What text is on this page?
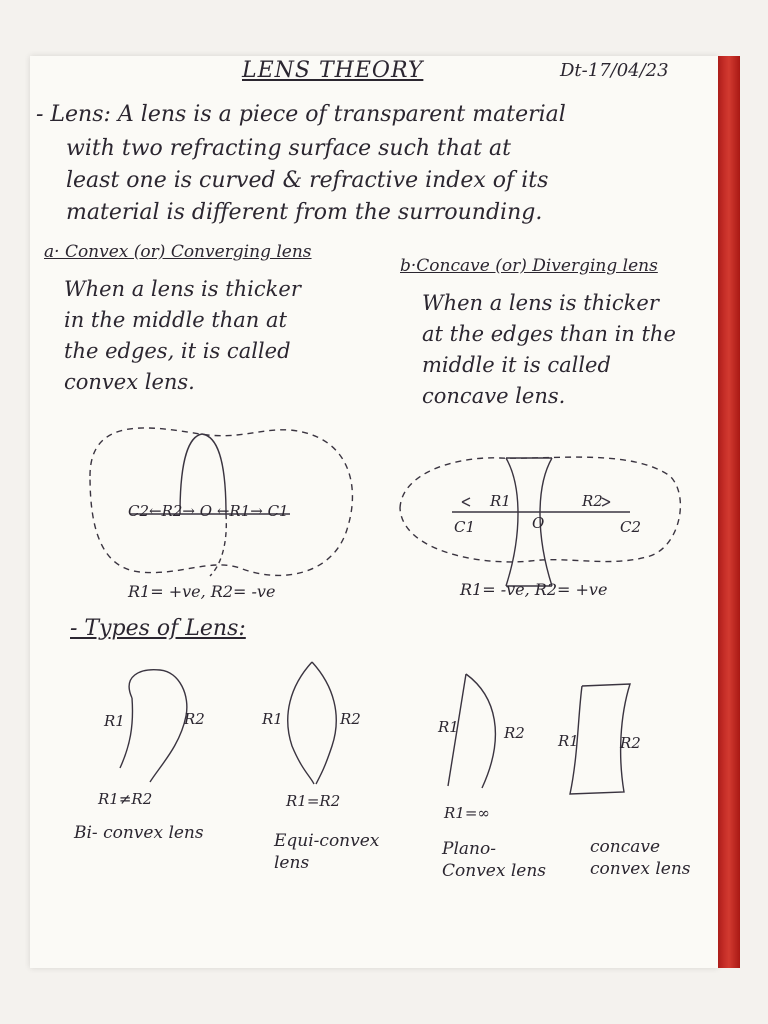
LENS THEORY	Dt-17/04/23
- Lens: A lens is a piece of transparent material
with two refracting surface such that at
least one is curved & refractive index of its
material is different from the surrounding.
a· Convex (or) Converging lens
b·Concave (or) Diverging lens
When a lens is thicker
in the middle than at
the edges, it is called
convex lens.
When a lens is thicker
at the edges than in the
middle it is called
concave lens.
C2←R2→ O ←R1→ C1
R1= +ve, R2= -ve
C1	O	C2
R1	R2
R1= -ve, R2= +ve
- Types of Lens:
R1	R2
R1≠R2
Bi- convex lens
R1	R2
R1=R2
Equi-convex
lens
R1	R2
R1=∞
Plano-
Convex lens
R1	R2
concave
convex lens
